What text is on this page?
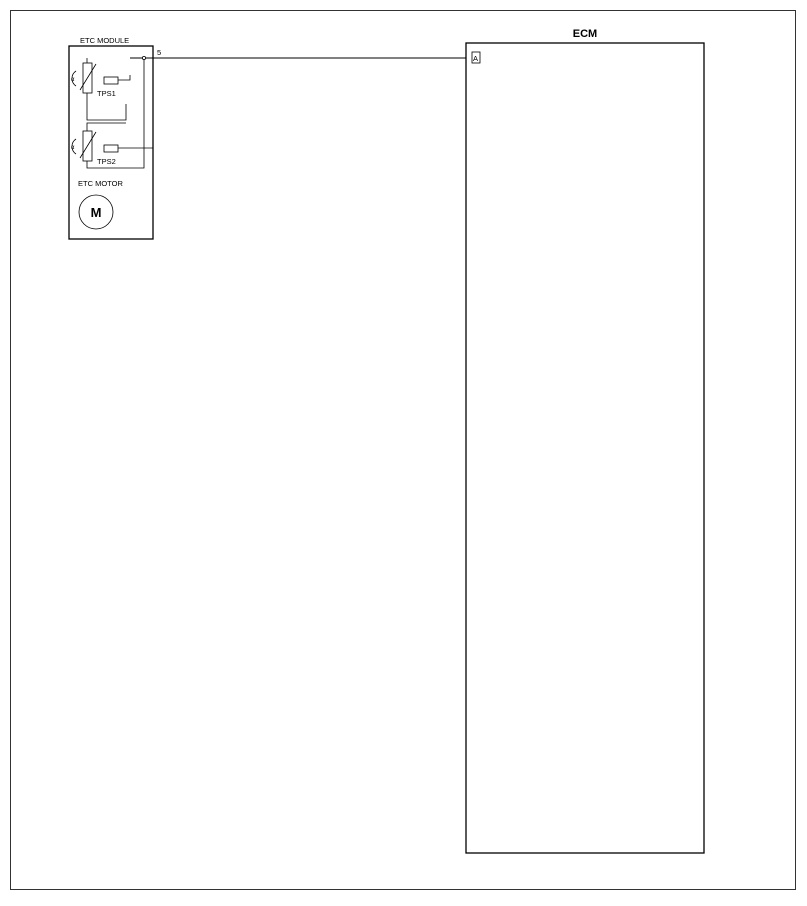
ECM
ETC MODULE
ETC MOTOR
α
TPS1
α
TPS2
M
5
A
